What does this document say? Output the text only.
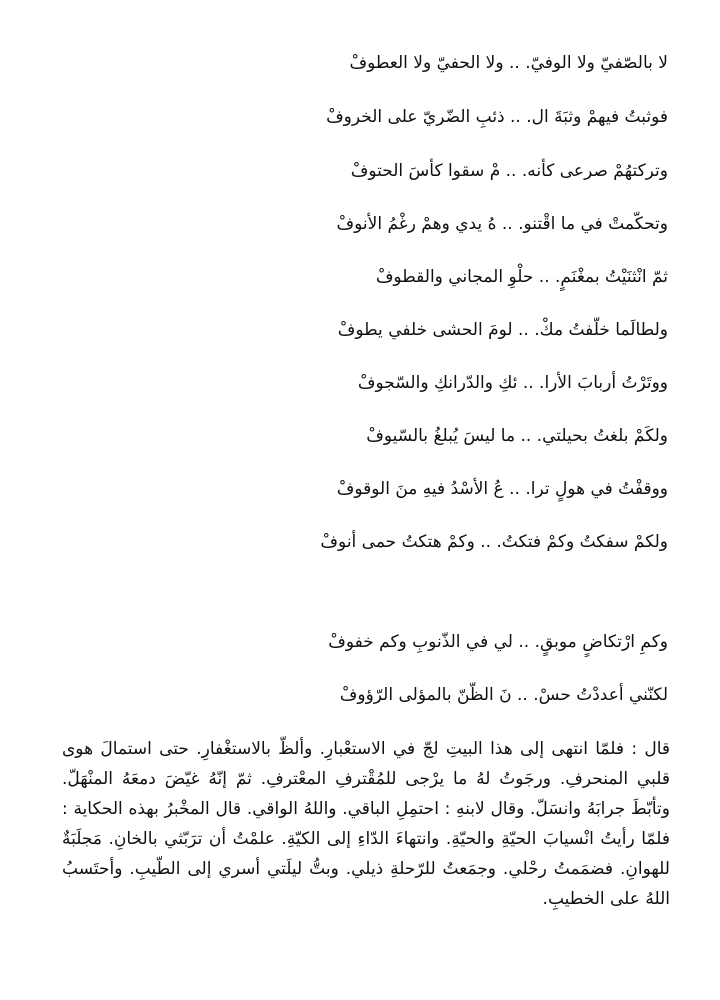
لا بالصّفيّ ولا الوفيّ. .. ولا الحفيّ ولا العطوفْ
فوثبتُ فيهمْ وثبَةَ ال. .. ذئبِ الضّريّ على الخروفْ
وتركتهُمْ صرعى كأنه. .. مْ سقوا كأسَ الحتوفْ
وتحكّمتْ في ما اقْتنو. .. هُ يدي وهمْ رغْمُ الأنوفْ
ثمّ انْثنَيْتُ بمغْنَمٍ. .. حلْوِ المجاني والقطوفْ
ولطالَما خلّفتُ مكْ. .. لومَ الحشى خلفي يطوفْ
ووتَرْتُ أربابَ الأرا. .. ئكِ والدّرانكِ والسّجوفْ
ولكَمْ بلغتُ بحيلتي. .. ما ليسَ يُبلغُ بالسّيوفْ
ووقفْتُ في هولٍ ترا. .. عُ الأسْدُ فيهِ منَ الوقوفْ
ولكمْ سفكتُ وكمْ فتكتُ. .. وكمْ هتكتُ حمى أنوفْ
وكمِ ارْتكاضٍ موبقٍ. .. لي في الذّنوبِ وكم خفوفْ
لكنّني أعددْتُ حسْ. .. نَ الظّنّ بالمؤلى الرّؤوفْ
قال : فلمّا انتهى إلى هذا البيتِ لجّ في الاستعْبارِ. وألظّ بالاستغْفارِ. حتى استمالَ هوى قلبي المنحرفِ. ورجَوتُ لهُ ما يرْجى للمُقْترفِ المعْترفِ. ثمّ إنّهُ غيّضَ دمعَهُ المنْهَلّ. وتأبّطَ جرابَهُ وانسَلّ. وقال لابنهِ : احتمِلِ الباقي. واللهُ الواقي. قال المخْبرُ بهذه الحكاية : فلمّا رأيتُ انْسيابَ الحيّةِ والحيّةِ. وانتهاءَ الدّاءِ إلى الكيّةِ. علمْتُ أن ترَبّثي بالخانِ. مَجلَبَةٌ للهوانِ. فضمَمتُ رحْلي. وجمَعتُ للرّحلةِ ذيلي. وبتُّ ليلَتي أسري إلى الطّيبِ. وأحتَسبُ اللهُ على الخطيبِ.
